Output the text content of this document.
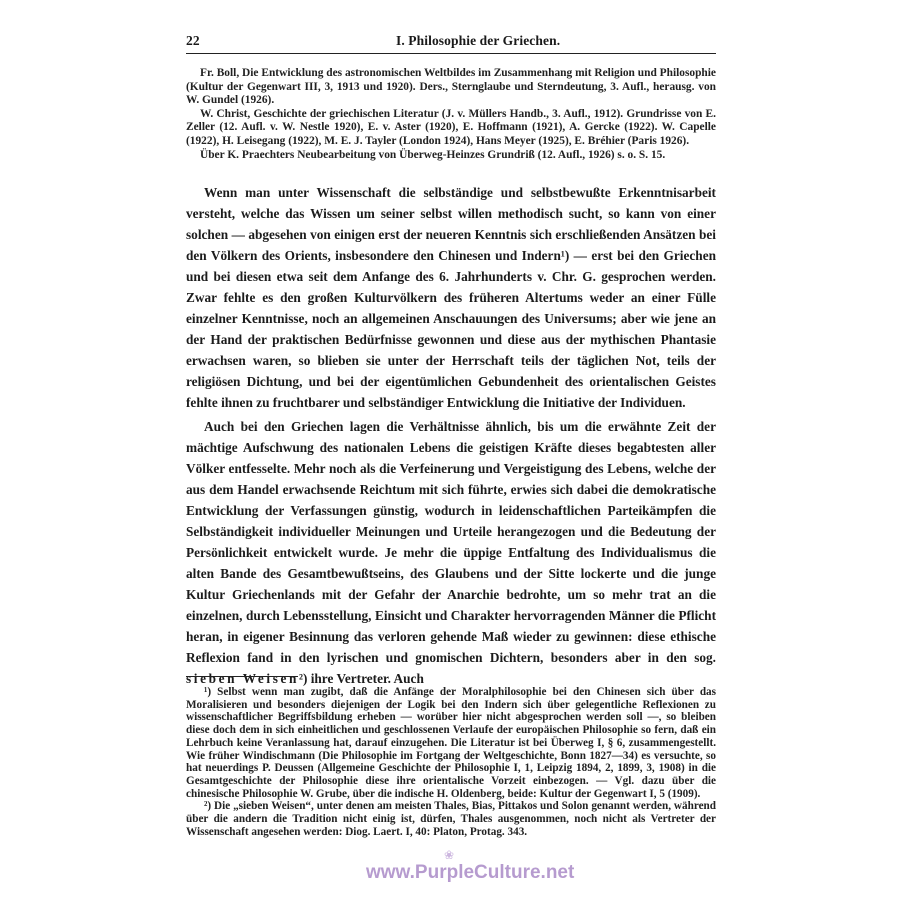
22	I. Philosophie der Griechen.

Fr. Boll, Die Entwicklung des astronomischen Weltbildes im Zusammenhang mit Religion und Philosophie (Kultur der Gegenwart III, 3, 1913 und 1920). Ders., Sternglaube und Sterndeutung, 3. Aufl., herausg. von W. Gundel (1926).

W. Christ, Geschichte der griechischen Literatur (J. v. Müllers Handb., 3. Aufl., 1912). Grundrisse von E. Zeller (12. Aufl. v. W. Nestle 1920), E. v. Aster (1920), E. Hoffmann (1921), A. Gercke (1922). W. Capelle (1922), H. Leisegang (1922), M. E. J. Tayler (London 1924), Hans Meyer (1925), E. Bréhier (Paris 1926).

Über K. Praechters Neubearbeitung von Überweg-Heinzes Grundriß (12. Aufl., 1926) s. o. S. 15.

Wenn man unter Wissenschaft die selbständige und selbstbewußte Erkenntnisarbeit versteht, welche das Wissen um seiner selbst willen methodisch sucht, so kann von einer solchen — abgesehen von einigen erst der neueren Kenntnis sich erschließenden Ansätzen bei den Völkern des Orients, insbesondere den Chinesen und Indern¹) — erst bei den Griechen und bei diesen etwa seit dem Anfange des 6. Jahrhunderts v. Chr. G. gesprochen werden. Zwar fehlte es den großen Kulturvölkern des früheren Altertums weder an einer Fülle einzelner Kenntnisse, noch an allgemeinen Anschauungen des Universums; aber wie jene an der Hand der praktischen Bedürfnisse gewonnen und diese aus der mythischen Phantasie erwachsen waren, so blieben sie unter der Herrschaft teils der täglichen Not, teils der religiösen Dichtung, und bei der eigentümlichen Gebundenheit des orientalischen Geistes fehlte ihnen zu fruchtbarer und selbständiger Entwicklung die Initiative der Individuen.

Auch bei den Griechen lagen die Verhältnisse ähnlich, bis um die erwähnte Zeit der mächtige Aufschwung des nationalen Lebens die geistigen Kräfte dieses begabtesten aller Völker entfesselte. Mehr noch als die Verfeinerung und Vergeistigung des Lebens, welche der aus dem Handel erwachsende Reichtum mit sich führte, erwies sich dabei die demokratische Entwicklung der Verfassungen günstig, wodurch in leidenschaftlichen Parteikämpfen die Selbständigkeit individueller Meinungen und Urteile herangezogen und die Bedeutung der Persönlichkeit entwickelt wurde. Je mehr die üppige Entfaltung des Individualismus die alten Bande des Gesamtbewußtseins, des Glaubens und der Sitte lockerte und die junge Kultur Griechenlands mit der Gefahr der Anarchie bedrohte, um so mehr trat an die einzelnen, durch Lebensstellung, Einsicht und Charakter hervorragenden Männer die Pflicht heran, in eigener Besinnung das verloren gehende Maß wieder zu gewinnen: diese ethische Reflexion fand in den lyrischen und gnomischen Dichtern, besonders aber in den sog. sieben Weisen²) ihre Vertreter. Auch

¹) Selbst wenn man zugibt, daß die Anfänge der Moralphilosophie bei den Chinesen sich über das Moralisieren und besonders diejenigen der Logik bei den Indern sich über gelegentliche Reflexionen zu wissenschaftlicher Begriffsbildung erheben — worüber hier nicht abgesprochen werden soll —, so bleiben diese doch dem in sich einheitlichen und geschlossenen Verlaufe der europäischen Philosophie so fern, daß ein Lehrbuch keine Veranlassung hat, darauf einzugehen. Die Literatur ist bei Überweg I, § 6, zusammengestellt. Wie früher Windischmann (Die Philosophie im Fortgang der Weltgeschichte, Bonn 1827—34) es versuchte, so hat neuerdings P. Deussen (Allgemeine Geschichte der Philosophie I, 1, Leipzig 1894, 2, 1899, 3, 1908) in die Gesamtgeschichte der Philosophie diese ihre orientalische Vorzeit einbezogen. — Vgl. dazu über die chinesische Philosophie W. Grube, über die indische H. Oldenberg, beide: Kultur der Gegenwart I, 5 (1909).

²) Die „sieben Weisen“, unter denen am meisten Thales, Bias, Pittakos und Solon genannt werden, während über die andern die Tradition nicht einig ist, dürfen, Thales ausgenommen, noch nicht als Vertreter der Wissenschaft angesehen werden: Diog. Laert. I, 40: Platon, Protag. 343.

❀
www.PurpleCulture.net
